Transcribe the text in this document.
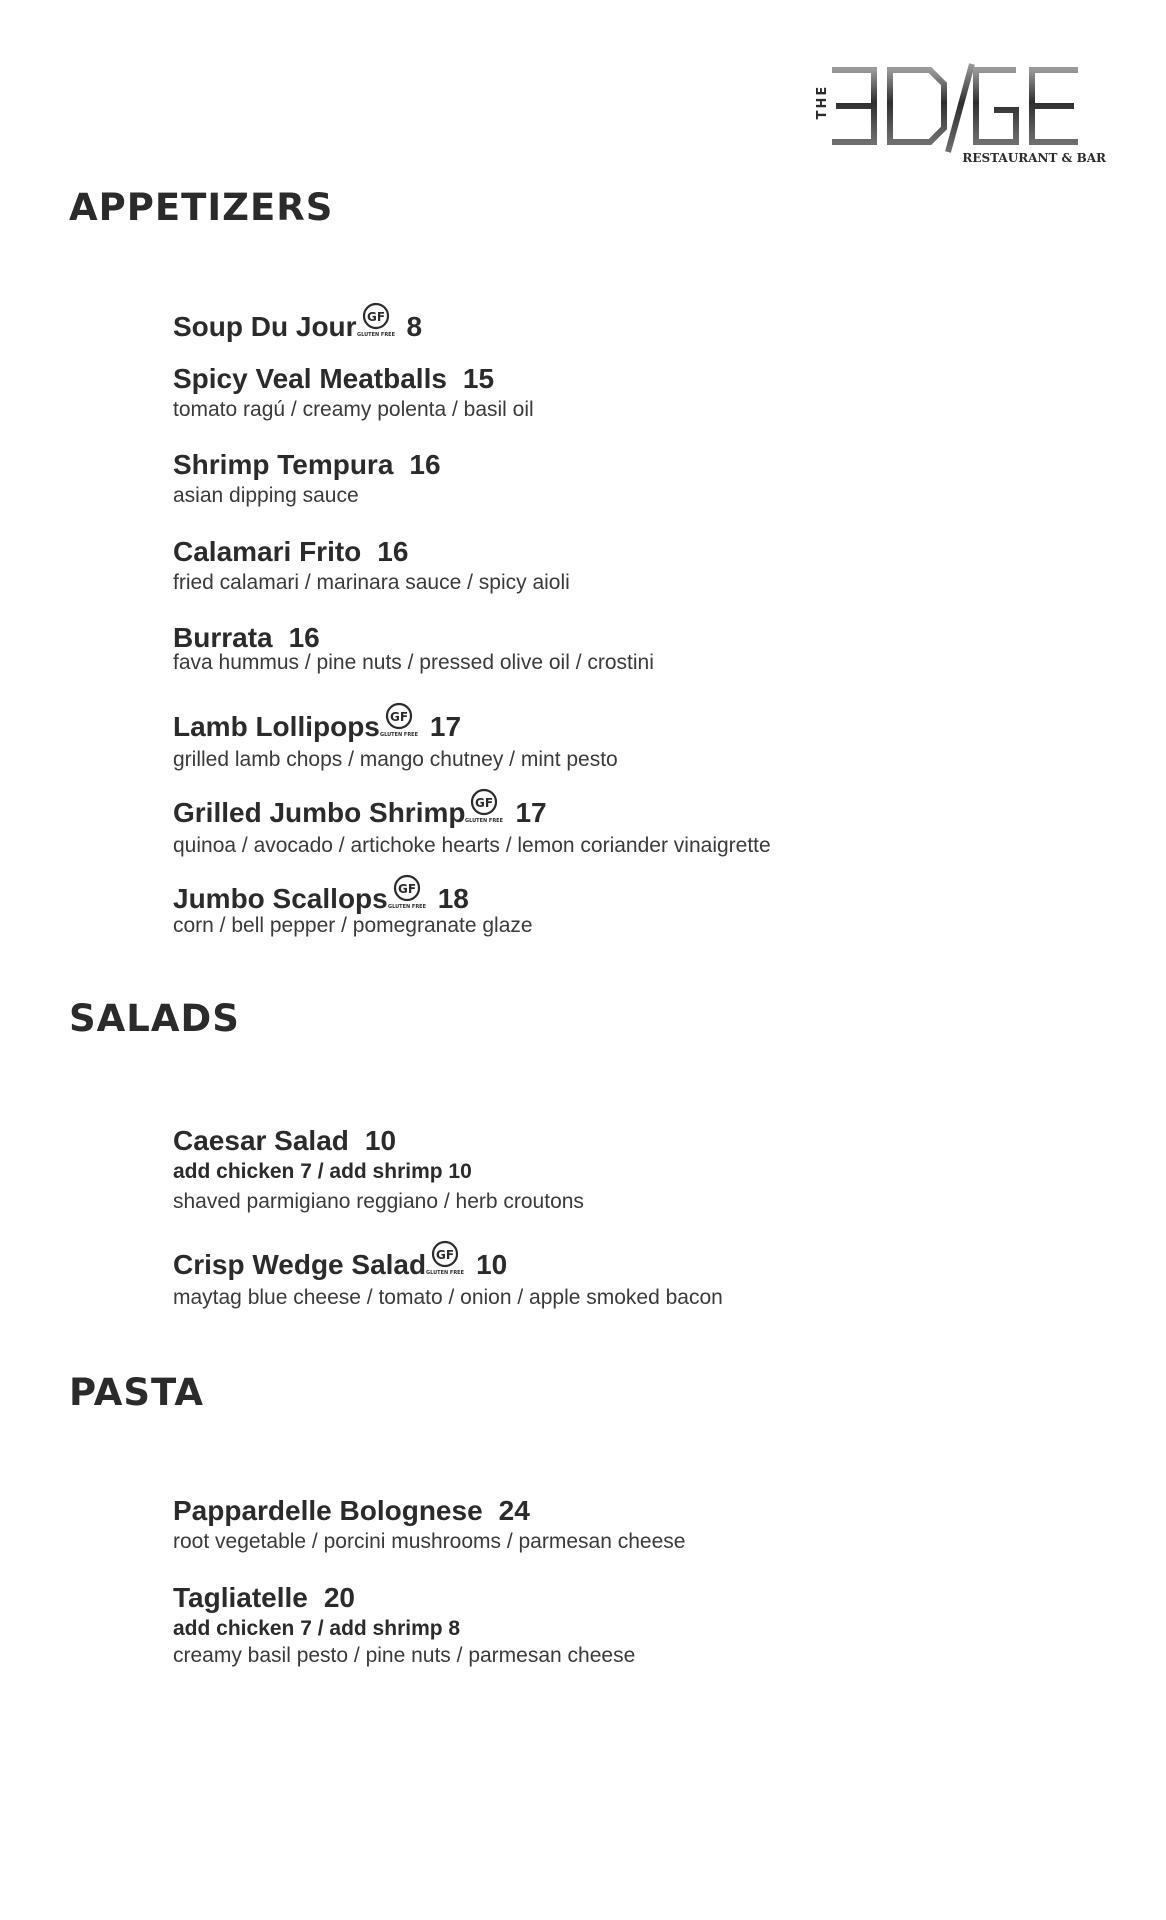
THE
RESTAURANT & BAR
APPETIZERS
Soup Du Jour GF
GLUTEN FREE 8
Spicy Veal Meatballs 15
tomato ragú / creamy polenta / basil oil
Shrimp Tempura 16
asian dipping sauce
Calamari Frito 16
fried calamari / marinara sauce / spicy aioli
Burrata 16
fava hummus / pine nuts / pressed olive oil / crostini
Lamb Lollipops GF
GLUTEN FREE 17
grilled lamb chops / mango chutney / mint pesto
Grilled Jumbo Shrimp GF
GLUTEN FREE 17
quinoa / avocado / artichoke hearts / lemon coriander vinaigrette
Jumbo Scallops GF
GLUTEN FREE 18
corn / bell pepper / pomegranate glaze
SALADS
Caesar Salad 10
add chicken 7 / add shrimp 10
shaved parmigiano reggiano / herb croutons
Crisp Wedge Salad GF
GLUTEN FREE 10
maytag blue cheese / tomato / onion / apple smoked bacon
PASTA
Pappardelle Bolognese 24
root vegetable / porcini mushrooms / parmesan cheese
Tagliatelle 20
add chicken 7 / add shrimp 8
creamy basil pesto / pine nuts / parmesan cheese
